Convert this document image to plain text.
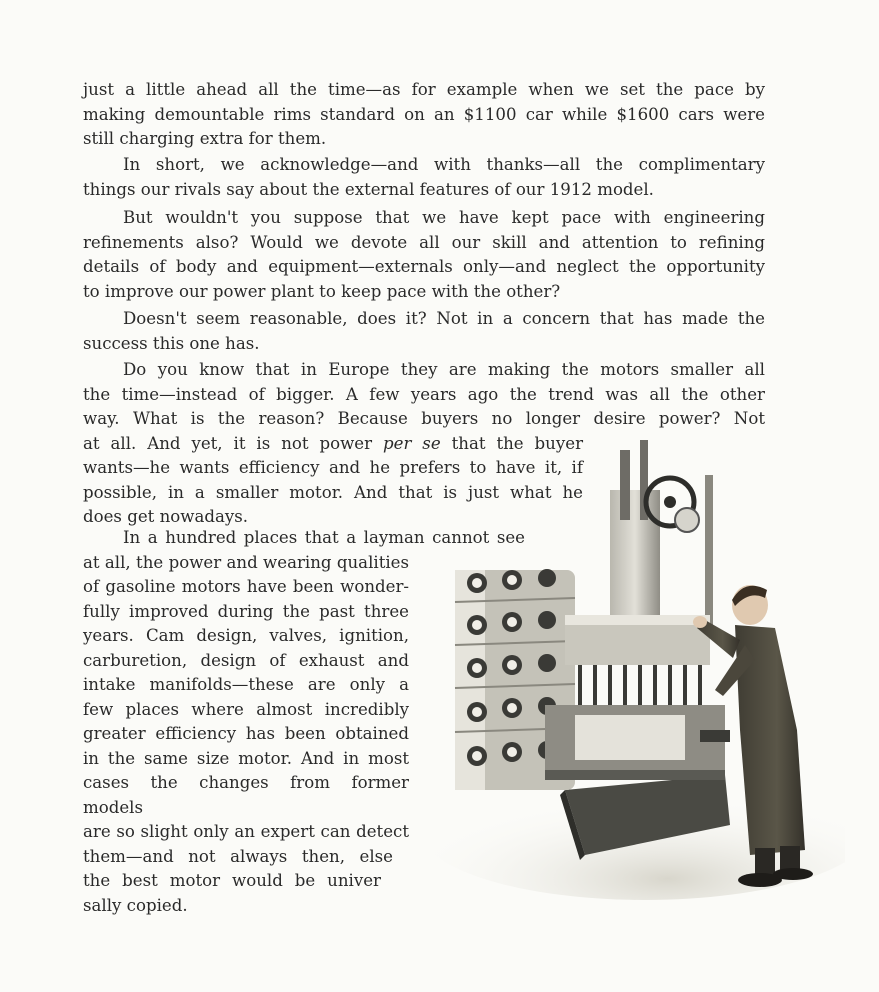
just a little ahead all the time—as for example when we set the pace by
making demountable rims standard on an $1100 car while $1600 cars were
still charging extra for them.

In short, we acknowledge—and with thanks—all the complimentary
things our rivals say about the external features of our 1912 model.

But wouldn't you suppose that we have kept pace with engineering
refinements also? Would we devote all our skill and attention to refining
details of body and equipment—externals only—and neglect the opportunity
to improve our power plant to keep pace with the other?

Doesn't seem reasonable, does it? Not in a concern that has made the
success this one has.

Do you know that in Europe they are making the motors smaller all
the time—instead of bigger. A few years ago the trend was all the other
way. What is the reason? Because buyers no longer desire power? Not
at all. And yet, it is not power per se that the buyer
wants—he wants efficiency and he prefers to have it, if
possible, in a smaller motor. And that is just what he
does get nowadays.

In a hundred places that a layman cannot see
at all, the power and wearing qualities
of gasoline motors have been wonder-
fully improved during the past three
years. Cam design, valves, ignition,
carburetion, design of exhaust and
intake manifolds—these are only a
few places where almost incredibly
greater efficiency has been obtained
in the same size motor. And in most
cases the changes from former models
are so slight only an expert can detect
them—and not always then, else
the best motor would be univer
sally copied.
